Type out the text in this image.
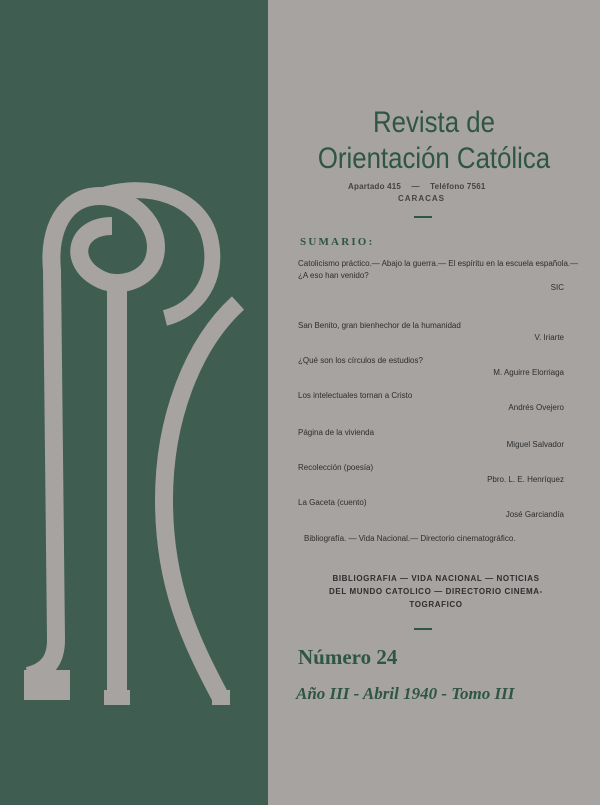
Revista de
Orientación Católica
Apartado 415 — Teléfono 7561
CARACAS
SUMARIO:
Catolicismo práctico.— Abajo la guerra.— El espíritu en la escuela española.— ¿A eso han venido?
SIC
San Benito, gran bienhechor de la humanidad
V. Iriarte
¿Qué son los círculos de estudios?
M. Aguirre Elorriaga
Los intelectuales tornan a Cristo
Andrés Ovejero
Página de la vivienda
Miguel Salvador
Recolección (poesía)
Pbro. L. E. Henríquez
La Gaceta (cuento)
José Garciandía
Bibliografía. — Vida Nacional.— Directorio cinematográfico.
BIBLIOGRAFIA — VIDA NACIONAL — NOTICIAS
DEL MUNDO CATOLICO — DIRECTORIO CINEMA-
TOGRAFICO
Número 24
Año III - Abril 1940 - Tomo III
